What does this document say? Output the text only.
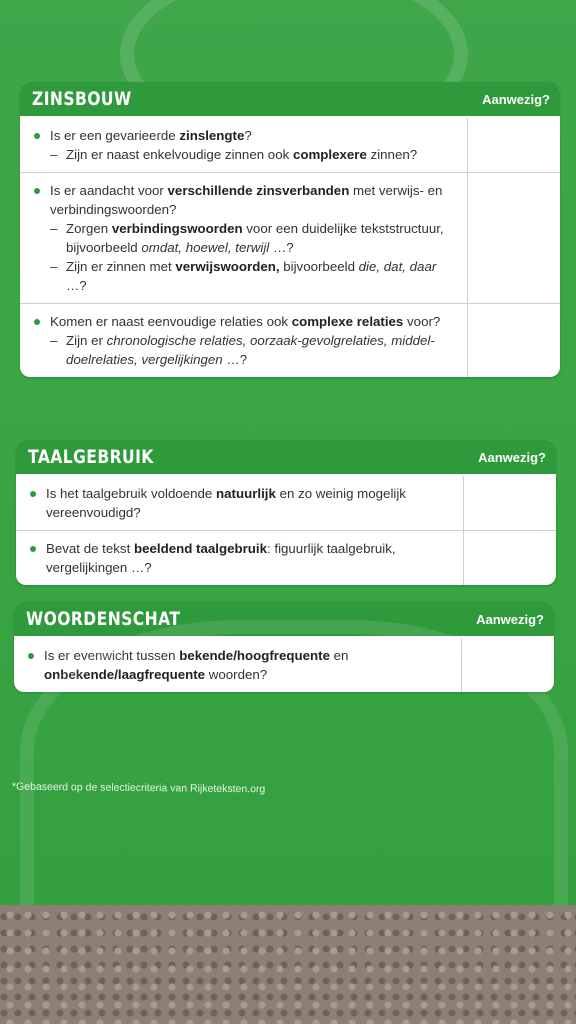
ZINSBOUW	Aanwezig?
Is er een gevarieerde zinslengte?
– Zijn er naast enkelvoudige zinnen ook complexere zinnen?
Is er aandacht voor verschillende zinsverbanden met verwijs- en verbindingswoorden?
– Zorgen verbindingswoorden voor een duidelijke tekststructuur, bijvoorbeeld omdat, hoewel, terwijl …?
– Zijn er zinnen met verwijswoorden, bijvoorbeeld die, dat, daar …?
Komen er naast eenvoudige relaties ook complexe relaties voor?
– Zijn er chronologische relaties, oorzaak-gevolgrelaties, middel-doelrelaties, vergelijkingen …?
TAALGEBRUIK	Aanwezig?
Is het taalgebruik voldoende natuurlijk en zo weinig mogelijk vereenvoudigd?
Bevat de tekst beeldend taalgebruik: figuurlijk taalgebruik, vergelijkingen …?
WOORDENSCHAT	Aanwezig?
Is er evenwicht tussen bekende/hoogfrequente en onbekende/laagfrequente woorden?
*Gebaseerd op de selectiecriteria van Rijketeksten.org
